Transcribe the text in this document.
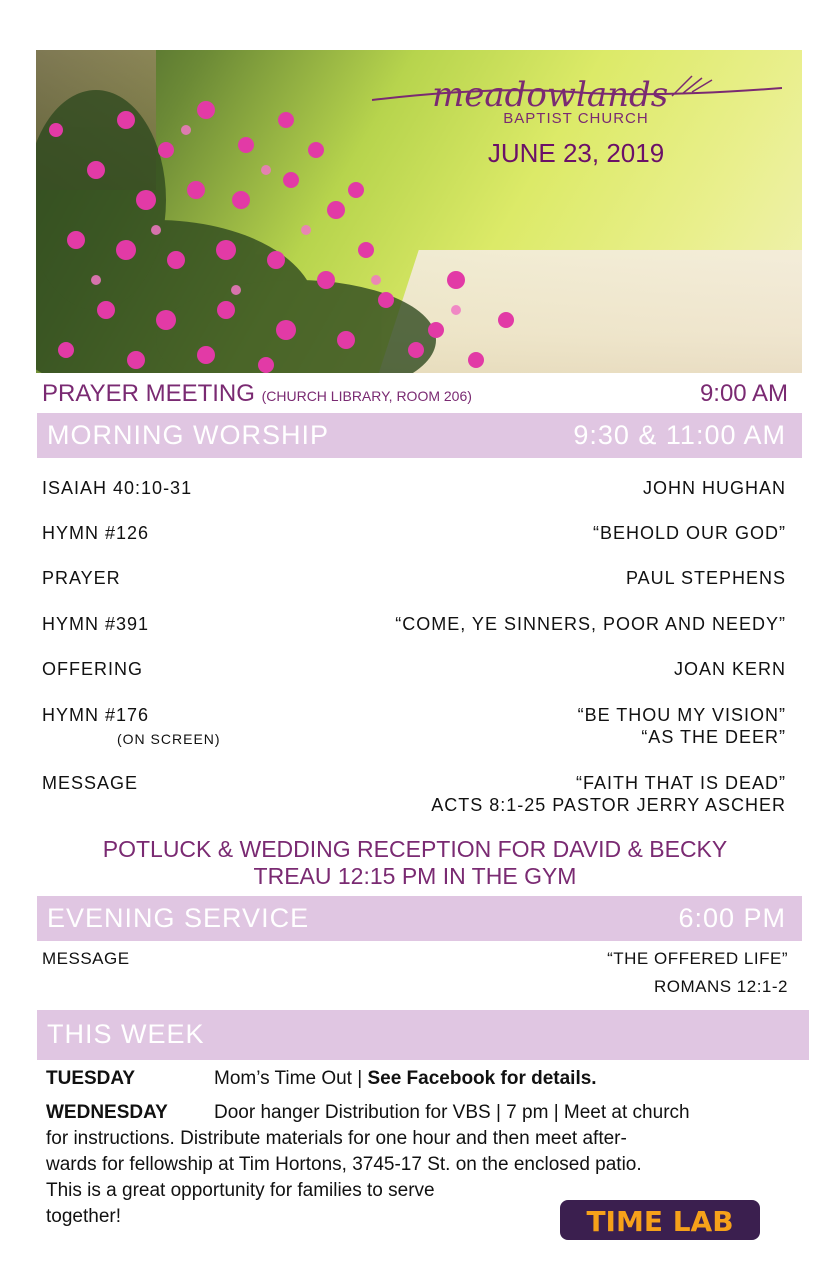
meadowlands
BAPTIST CHURCH
JUNE 23, 2019
PRAYER MEETING (CHURCH LIBRARY, ROOM 206)	9:00 AM
MORNING WORSHIP	9:30 & 11:00 AM
ISAIAH 40:10-31	JOHN HUGHAN
HYMN #126	“BEHOLD OUR GOD”
PRAYER	PAUL STEPHENS
HYMN #391	“COME, YE SINNERS, POOR AND NEEDY”
OFFERING	JOAN KERN
HYMN #176	“BE THOU MY VISION”
(ON SCREEN)	“AS THE DEER”
MESSAGE	“FAITH THAT IS DEAD”
ACTS 8:1-25 PASTOR JERRY ASCHER
POTLUCK & WEDDING RECEPTION FOR DAVID & BECKY
TREAU 12:15 PM IN THE GYM
EVENING SERVICE	6:00 PM
MESSAGE	“THE OFFERED LIFE”
ROMANS 12:1-2
THIS WEEK
TUESDAY	Mom’s Time Out | See Facebook for details.
WEDNESDAY Door hanger Distribution for VBS | 7 pm | Meet at church
for instructions. Distribute materials for one hour and then meet after-
wards for fellowship at Tim Hortons, 3745-17 St. on the enclosed patio.
This is a great opportunity for families to serve
together!	TIME LAB
